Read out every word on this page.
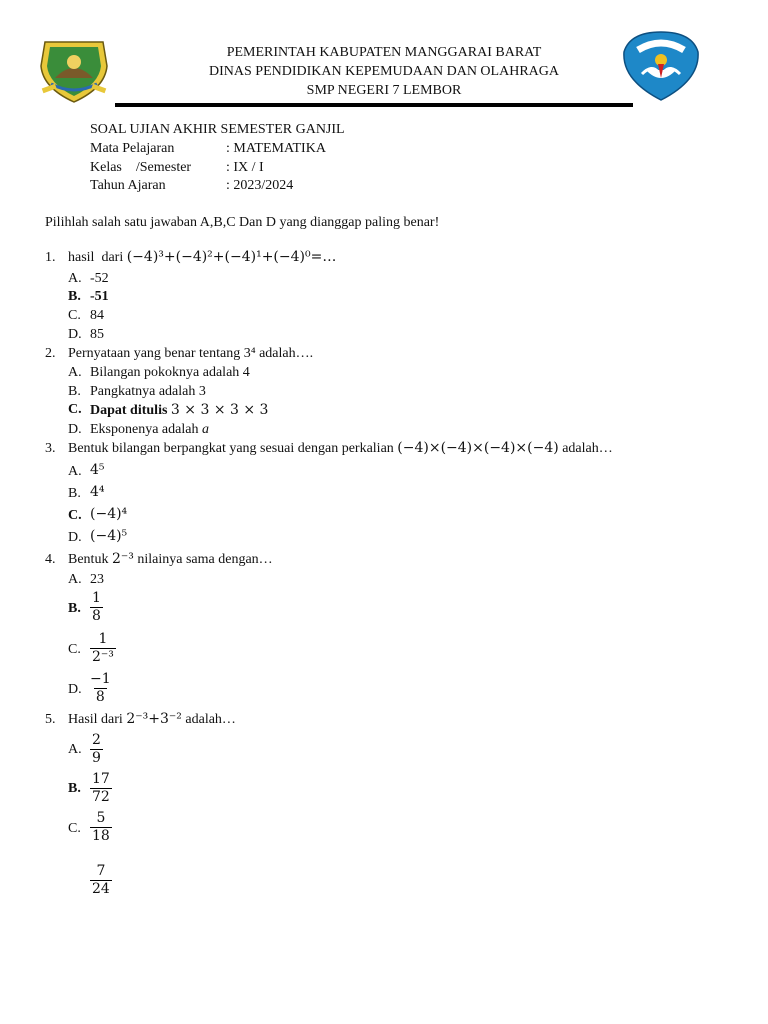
PEMERINTAH KABUPATEN MANGGARAI BARAT
DINAS PENDIDIKAN KEPEMUDAAN DAN OLAHRAGA
SMP NEGERI 7 LEMBOR
SOAL UJIAN AKHIR SEMESTER GANJIL
Mata Pelajaran	: MATEMATIKA
Kelas    /Semester : IX / I
Tahun Ajaran	: 2023/2024
Pilihlah salah satu jawaban A,B,C Dan D yang dianggap paling benar!
1. hasil  dari (−4)³+(−4)²+(−4)¹+(−4)⁰=…
A. -52
B. -51
C. 84
D. 85
2. Pernyataan yang benar tentang 3⁴ adalah….
A. Bilangan pokoknya adalah 4
B. Pangkatnya adalah 3
C. Dapat ditulis 3 × 3 × 3 × 3
D. Eksponenya adalah a
3. Bentuk bilangan berpangkat yang sesuai dengan perkalian (−4)×(−4)×(−4)×(−4) adalah…
A. 4⁵
B. 4⁴
C. (−4)⁴
D. (−4)⁵
4. Bentuk 2⁻³ nilainya sama dengan…
A. 23
B. $\frac{1}{8}$
C. $\frac{1}{\text{2⁻³}}$
D. $\frac{-1}{8}$
5. Hasil dari 2⁻³+3⁻² adalah…
A. $\frac{2}{9}$
B. $\frac{17}{72}$
C. $\frac{5}{18}$
$\frac{7}{24}$
